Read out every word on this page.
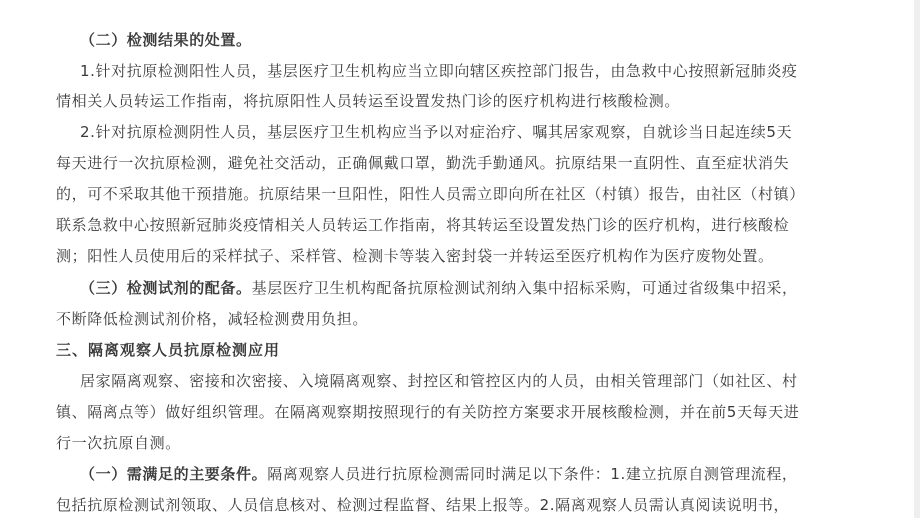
（二）检测结果的处置。
1.针对抗原检测阳性人员，基层医疗卫生机构应当立即向辖区疾控部门报告，由急救中心按照新冠肺炎疫
情相关人员转运工作指南，将抗原阳性人员转运至设置发热门诊的医疗机构进行核酸检测。
2.针对抗原检测阴性人员，基层医疗卫生机构应当予以对症治疗、嘱其居家观察，自就诊当日起连续5天
每天进行一次抗原检测，避免社交活动，正确佩戴口罩，勤洗手勤通风。抗原结果一直阴性、直至症状消失
的，可不采取其他干预措施。抗原结果一旦阳性，阳性人员需立即向所在社区（村镇）报告，由社区（村镇）
联系急救中心按照新冠肺炎疫情相关人员转运工作指南，将其转运至设置发热门诊的医疗机构，进行核酸检
测；阳性人员使用后的采样拭子、采样管、检测卡等装入密封袋一并转运至医疗机构作为医疗废物处置。
（三）检测试剂的配备。基层医疗卫生机构配备抗原检测试剂纳入集中招标采购，可通过省级集中招采，
不断降低检测试剂价格，减轻检测费用负担。
三、隔离观察人员抗原检测应用
居家隔离观察、密接和次密接、入境隔离观察、封控区和管控区内的人员，由相关管理部门（如社区、村
镇、隔离点等）做好组织管理。在隔离观察期按照现行的有关防控方案要求开展核酸检测，并在前5天每天进
行一次抗原自测。
（一）需满足的主要条件。隔离观察人员进行抗原检测需同时满足以下条件：1.建立抗原自测管理流程，
包括抗原检测试剂领取、人员信息核对、检测过程监督、结果上报等。2.隔离观察人员需认真阅读说明书，
